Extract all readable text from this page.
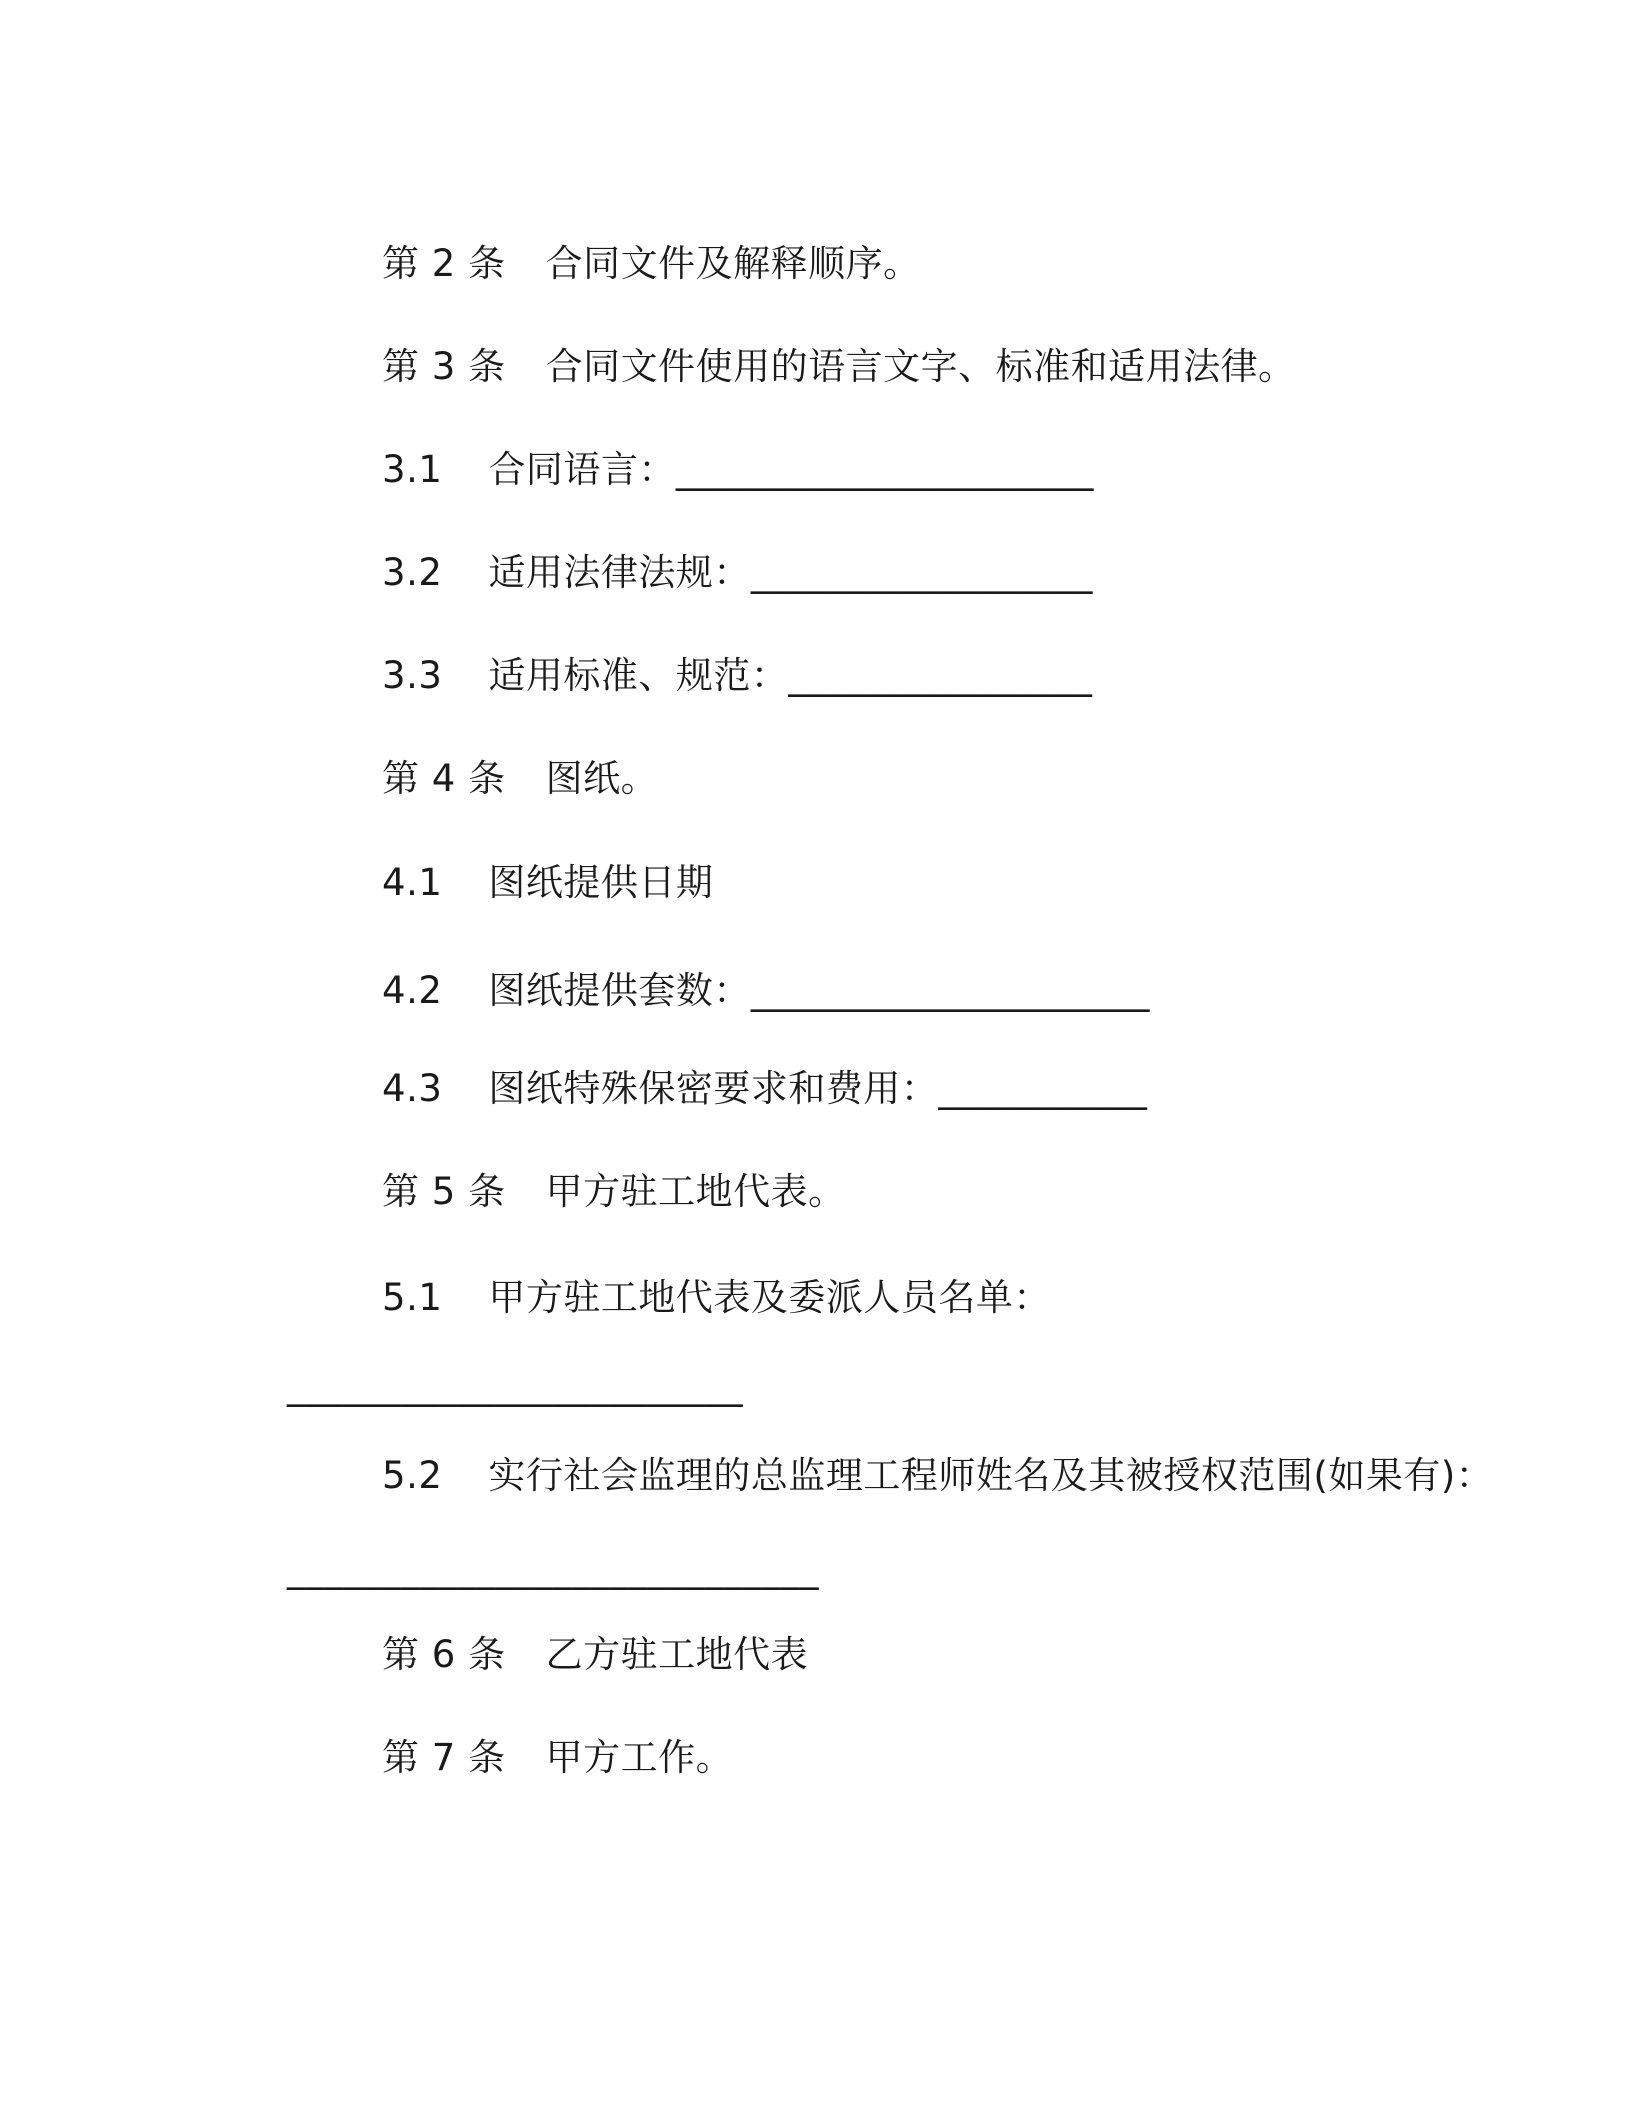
第 2 条 合同文件及解释顺序。

第 3 条 合同文件使用的语言文字、标准和适用法律。

3.1 合同语言：______________________

3.2 适用法律法规：__________________

3.3 适用标准、规范：________________

第 4 条 图纸。

4.1 图纸提供日期

4.2 图纸提供套数：_____________________

4.3 图纸特殊保密要求和费用：___________

第 5 条 甲方驻工地代表。

5.1 甲方驻工地代表及委派人员名单：

________________________

5.2 实行社会监理的总监理工程师姓名及其被授权范围(如果有)：

____________________________

第 6 条 乙方驻工地代表

第 7 条 甲方工作。
